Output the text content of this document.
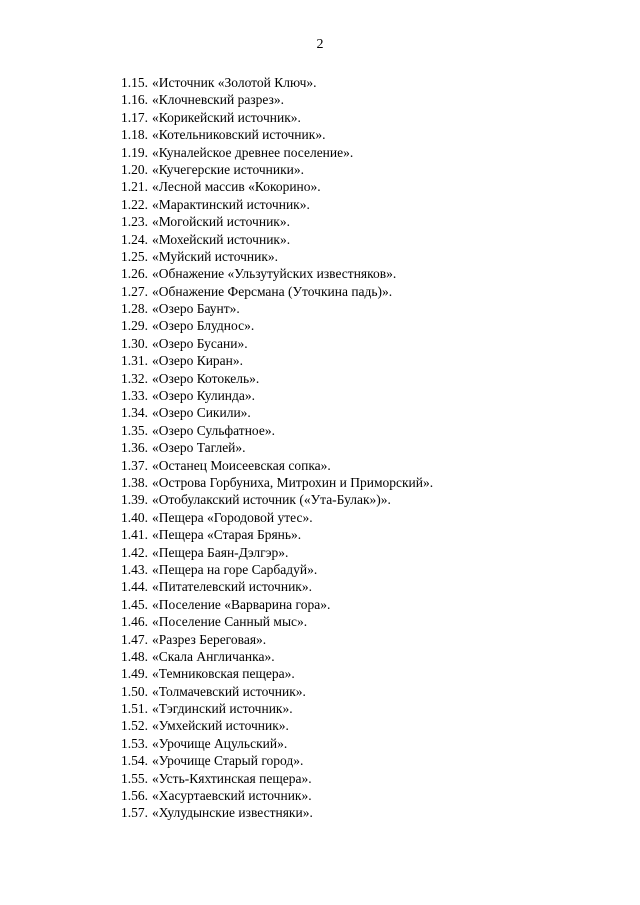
2
1.15. «Источник «Золотой Ключ».
1.16. «Клочневский разрез».
1.17. «Корикейский источник».
1.18. «Котельниковский источник».
1.19. «Куналейское древнее поселение».
1.20. «Кучегерские источники».
1.21. «Лесной массив «Кокорино».
1.22. «Мaрактинский источник».
1.23. «Могойский источник».
1.24. «Мохейский источник».
1.25. «Муйский источник».
1.26. «Обнажение «Ульзутуйских известняков».
1.27. «Обнажение Ферсмана (Уточкина падь)».
1.28. «Озеро Баунт».
1.29. «Озеро Блуднос».
1.30. «Озеро Бусани».
1.31. «Озеро Киран».
1.32. «Озеро Котокель».
1.33. «Озеро Кулинда».
1.34. «Озеро Сикили».
1.35. «Озеро Сульфатное».
1.36. «Озеро Таглей».
1.37. «Останец Моисеевская сопка».
1.38. «Острова Горбуниха, Митрохин и Приморский».
1.39. «Отобулакский источник («Ута-Булак»)».
1.40. «Пещера «Городовой утес».
1.41. «Пещера «Старая Брянь».
1.42. «Пещера Баян-Дэлгэр».
1.43. «Пещера на горе Сарбадуй».
1.44. «Питателевский источник».
1.45. «Поселение «Варварина гора».
1.46. «Поселение Санный мыс».
1.47. «Разрез Береговая».
1.48. «Скала Англичанка».
1.49. «Темниковская пещера».
1.50. «Толмачевский источник».
1.51. «Тэгдинский источник».
1.52. «Умхейский источник».
1.53. «Урочище Ацульский».
1.54. «Урочище Старый город».
1.55. «Усть-Кяхтинская пещера».
1.56. «Хасуртаевский источник».
1.57. «Хулудынские известняки».
